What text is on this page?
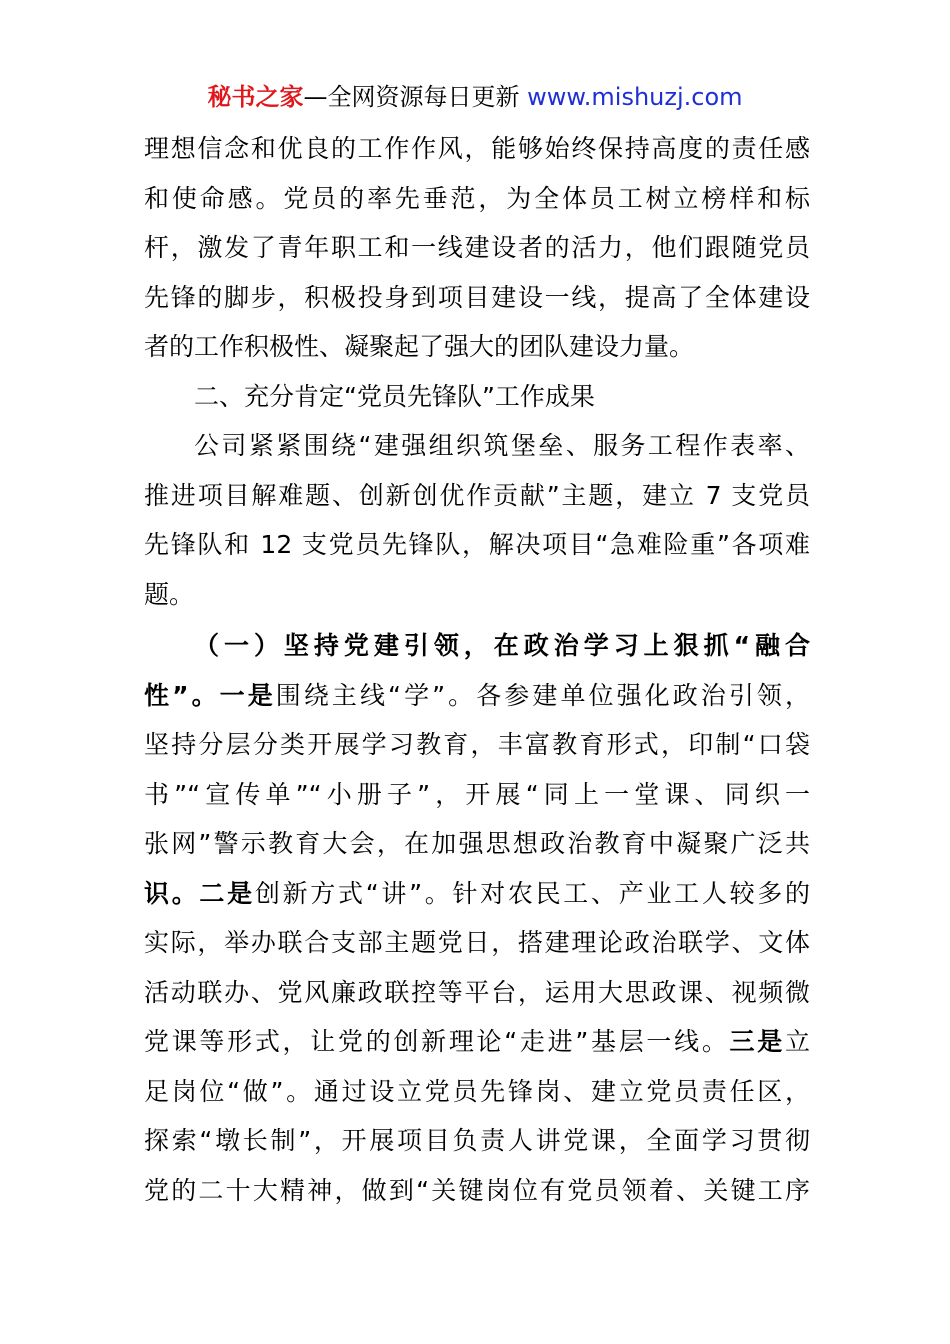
秘书之家—全网资源每日更新 www.mishuzj.com
理想信念和优良的工作作风，能够始终保持高度的责任感
和使命感。党员的率先垂范，为全体员工树立榜样和标
杆，激发了青年职工和一线建设者的活力，他们跟随党员
先锋的脚步，积极投身到项目建设一线，提高了全体建设
者的工作积极性、凝聚起了强大的团队建设力量。
二、充分肯定“党员先锋队”工作成果
公司紧紧围绕“建强组织筑堡垒、服务工程作表率、
推进项目解难题、创新创优作贡献”主题，建立 7 支党员
先锋队和 12 支党员先锋队，解决项目“急难险重”各项难
题。
（一）坚持党建引领，在政治学习上狠抓“融合
性”。一是围绕主线“学”。各参建单位强化政治引领，
坚持分层分类开展学习教育，丰富教育形式，印制“口袋
书”“宣传单”“小册子”，开展“同上一堂课、同织一
张网”警示教育大会，在加强思想政治教育中凝聚广泛共
识。二是创新方式“讲”。针对农民工、产业工人较多的
实际，举办联合支部主题党日，搭建理论政治联学、文体
活动联办、党风廉政联控等平台，运用大思政课、视频微
党课等形式，让党的创新理论“走进”基层一线。三是立
足岗位“做”。通过设立党员先锋岗、建立党员责任区，
探索“墩长制”，开展项目负责人讲党课，全面学习贯彻
党的二十大精神，做到“关键岗位有党员领着、关键工序
